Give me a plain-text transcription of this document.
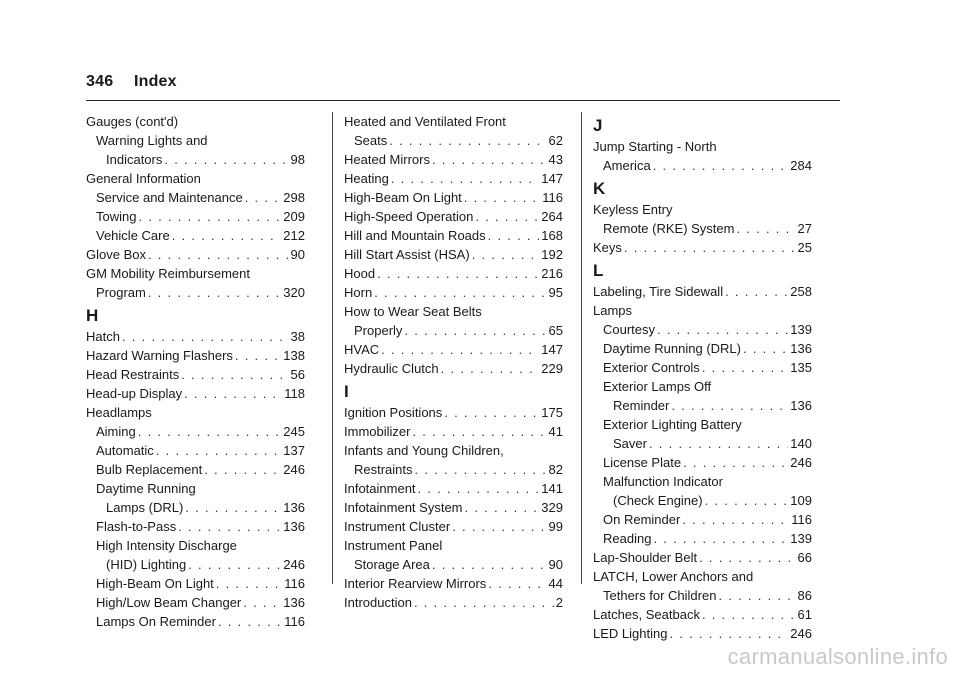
346 Index
Gauges (cont'd)
Warning Lights and
Indicators . . .	98
General Information
Service and Maintenance . . .	298
Towing . . .	209
Vehicle Care . . .	212
Glove Box . . .	90
GM Mobility Reimbursement
Program . . .	320
H
Hatch . . .	38
Hazard Warning Flashers . . .	138
Head Restraints . . .	56
Head-up Display . . .	118
Headlamps
Aiming . . .	245
Automatic . . .	137
Bulb Replacement . . .	246
Daytime Running
Lamps (DRL) . . .	136
Flash-to-Pass . . .	136
High Intensity Discharge
(HID) Lighting . . .	246
High-Beam On Light . . .	116
High/Low Beam Changer . . .	136
Lamps On Reminder . . .	116
Heated and Ventilated Front
Seats . . .	62
Heated Mirrors . . .	43
Heating . . .	147
High-Beam On Light . . .	116
High-Speed Operation . . .	264
Hill and Mountain Roads . . .	168
Hill Start Assist (HSA) . . .	192
Hood . . .	216
Horn . . .	95
How to Wear Seat Belts
Properly . . .	65
HVAC . . .	147
Hydraulic Clutch . . .	229
I
Ignition Positions . . .	175
Immobilizer . . .	41
Infants and Young Children,
Restraints . . .	82
Infotainment . . .	141
Infotainment System . . .	329
Instrument Cluster . . .	99
Instrument Panel
Storage Area . . .	90
Interior Rearview Mirrors . . .	44
Introduction . . .	2
J
Jump Starting - North
America . . .	284
K
Keyless Entry
Remote (RKE) System . . .	27
Keys . . .	25
L
Labeling, Tire Sidewall . . .	258
Lamps
Courtesy . . .	139
Daytime Running (DRL) . . .	136
Exterior Controls . . .	135
Exterior Lamps Off
Reminder . . .	136
Exterior Lighting Battery
Saver . . .	140
License Plate . . .	246
Malfunction Indicator
(Check Engine) . . .	109
On Reminder . . .	116
Reading . . .	139
Lap-Shoulder Belt . . .	66
LATCH, Lower Anchors and
Tethers for Children . . .	86
Latches, Seatback . . .	61
LED Lighting . . .	246
carmanualsonline.info
